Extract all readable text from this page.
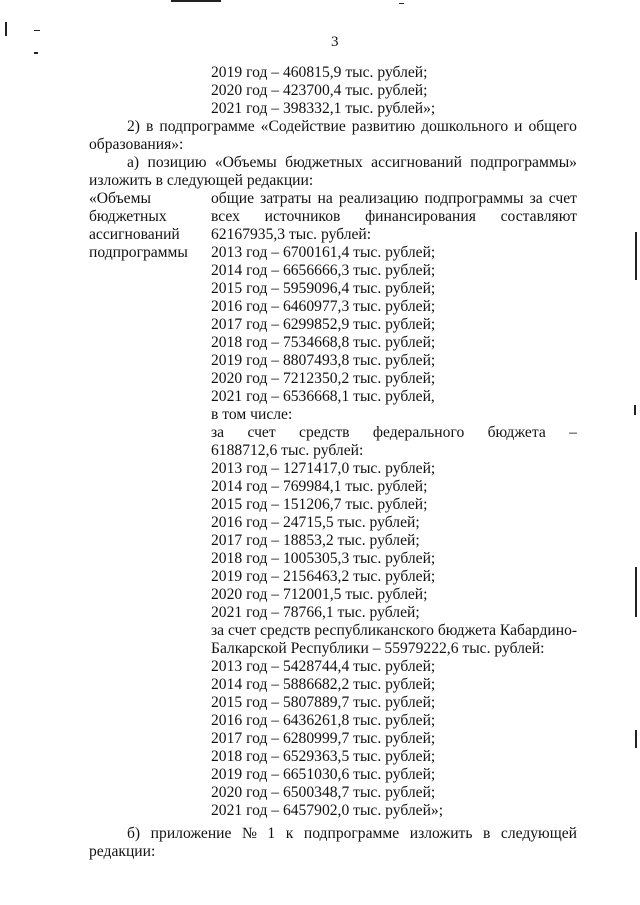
3
2019 год – 460815,9 тыс. рублей;
2020 год – 423700,4 тыс. рублей;
2021 год – 398332,1 тыс. рублей»;
2) в подпрограмме «Содействие развитию дошкольного и общего
образования»:
а) позицию «Объемы бюджетных ассигнований подпрограммы»
изложить в следующей редакции:
«Объемы
бюджетных
ассигнований
подпрограммы
общие затраты на реализацию подпрограммы за счет
всех источников финансирования составляют
62167935,3 тыс. рублей:
2013 год – 6700161,4 тыс. рублей;
2014 год – 6656666,3 тыс. рублей;
2015 год – 5959096,4 тыс. рублей;
2016 год – 6460977,3 тыс. рублей;
2017 год – 6299852,9 тыс. рублей;
2018 год – 7534668,8 тыс. рублей;
2019 год – 8807493,8 тыс. рублей;
2020 год – 7212350,2 тыс. рублей;
2021 год – 6536668,1 тыс. рублей,
в том числе:
за счет средств федерального бюджета –
6188712,6 тыс. рублей:
2013 год – 1271417,0 тыс. рублей;
2014 год – 769984,1 тыс. рублей;
2015 год – 151206,7 тыс. рублей;
2016 год – 24715,5 тыс. рублей;
2017 год – 18853,2 тыс. рублей;
2018 год – 1005305,3 тыс. рублей;
2019 год – 2156463,2 тыс. рублей;
2020 год – 712001,5 тыс. рублей;
2021 год – 78766,1 тыс. рублей;
за счет средств республиканского бюджета Кабардино-
Балкарской Республики – 55979222,6 тыс. рублей:
2013 год – 5428744,4 тыс. рублей;
2014 год – 5886682,2 тыс. рублей;
2015 год – 5807889,7 тыс. рублей;
2016 год – 6436261,8 тыс. рублей;
2017 год – 6280999,7 тыс. рублей;
2018 год – 6529363,5 тыс. рублей;
2019 год – 6651030,6 тыс. рублей;
2020 год – 6500348,7 тыс. рублей;
2021 год – 6457902,0 тыс. рублей»;
б) приложение № 1 к подпрограмме изложить в следующей
редакции:
